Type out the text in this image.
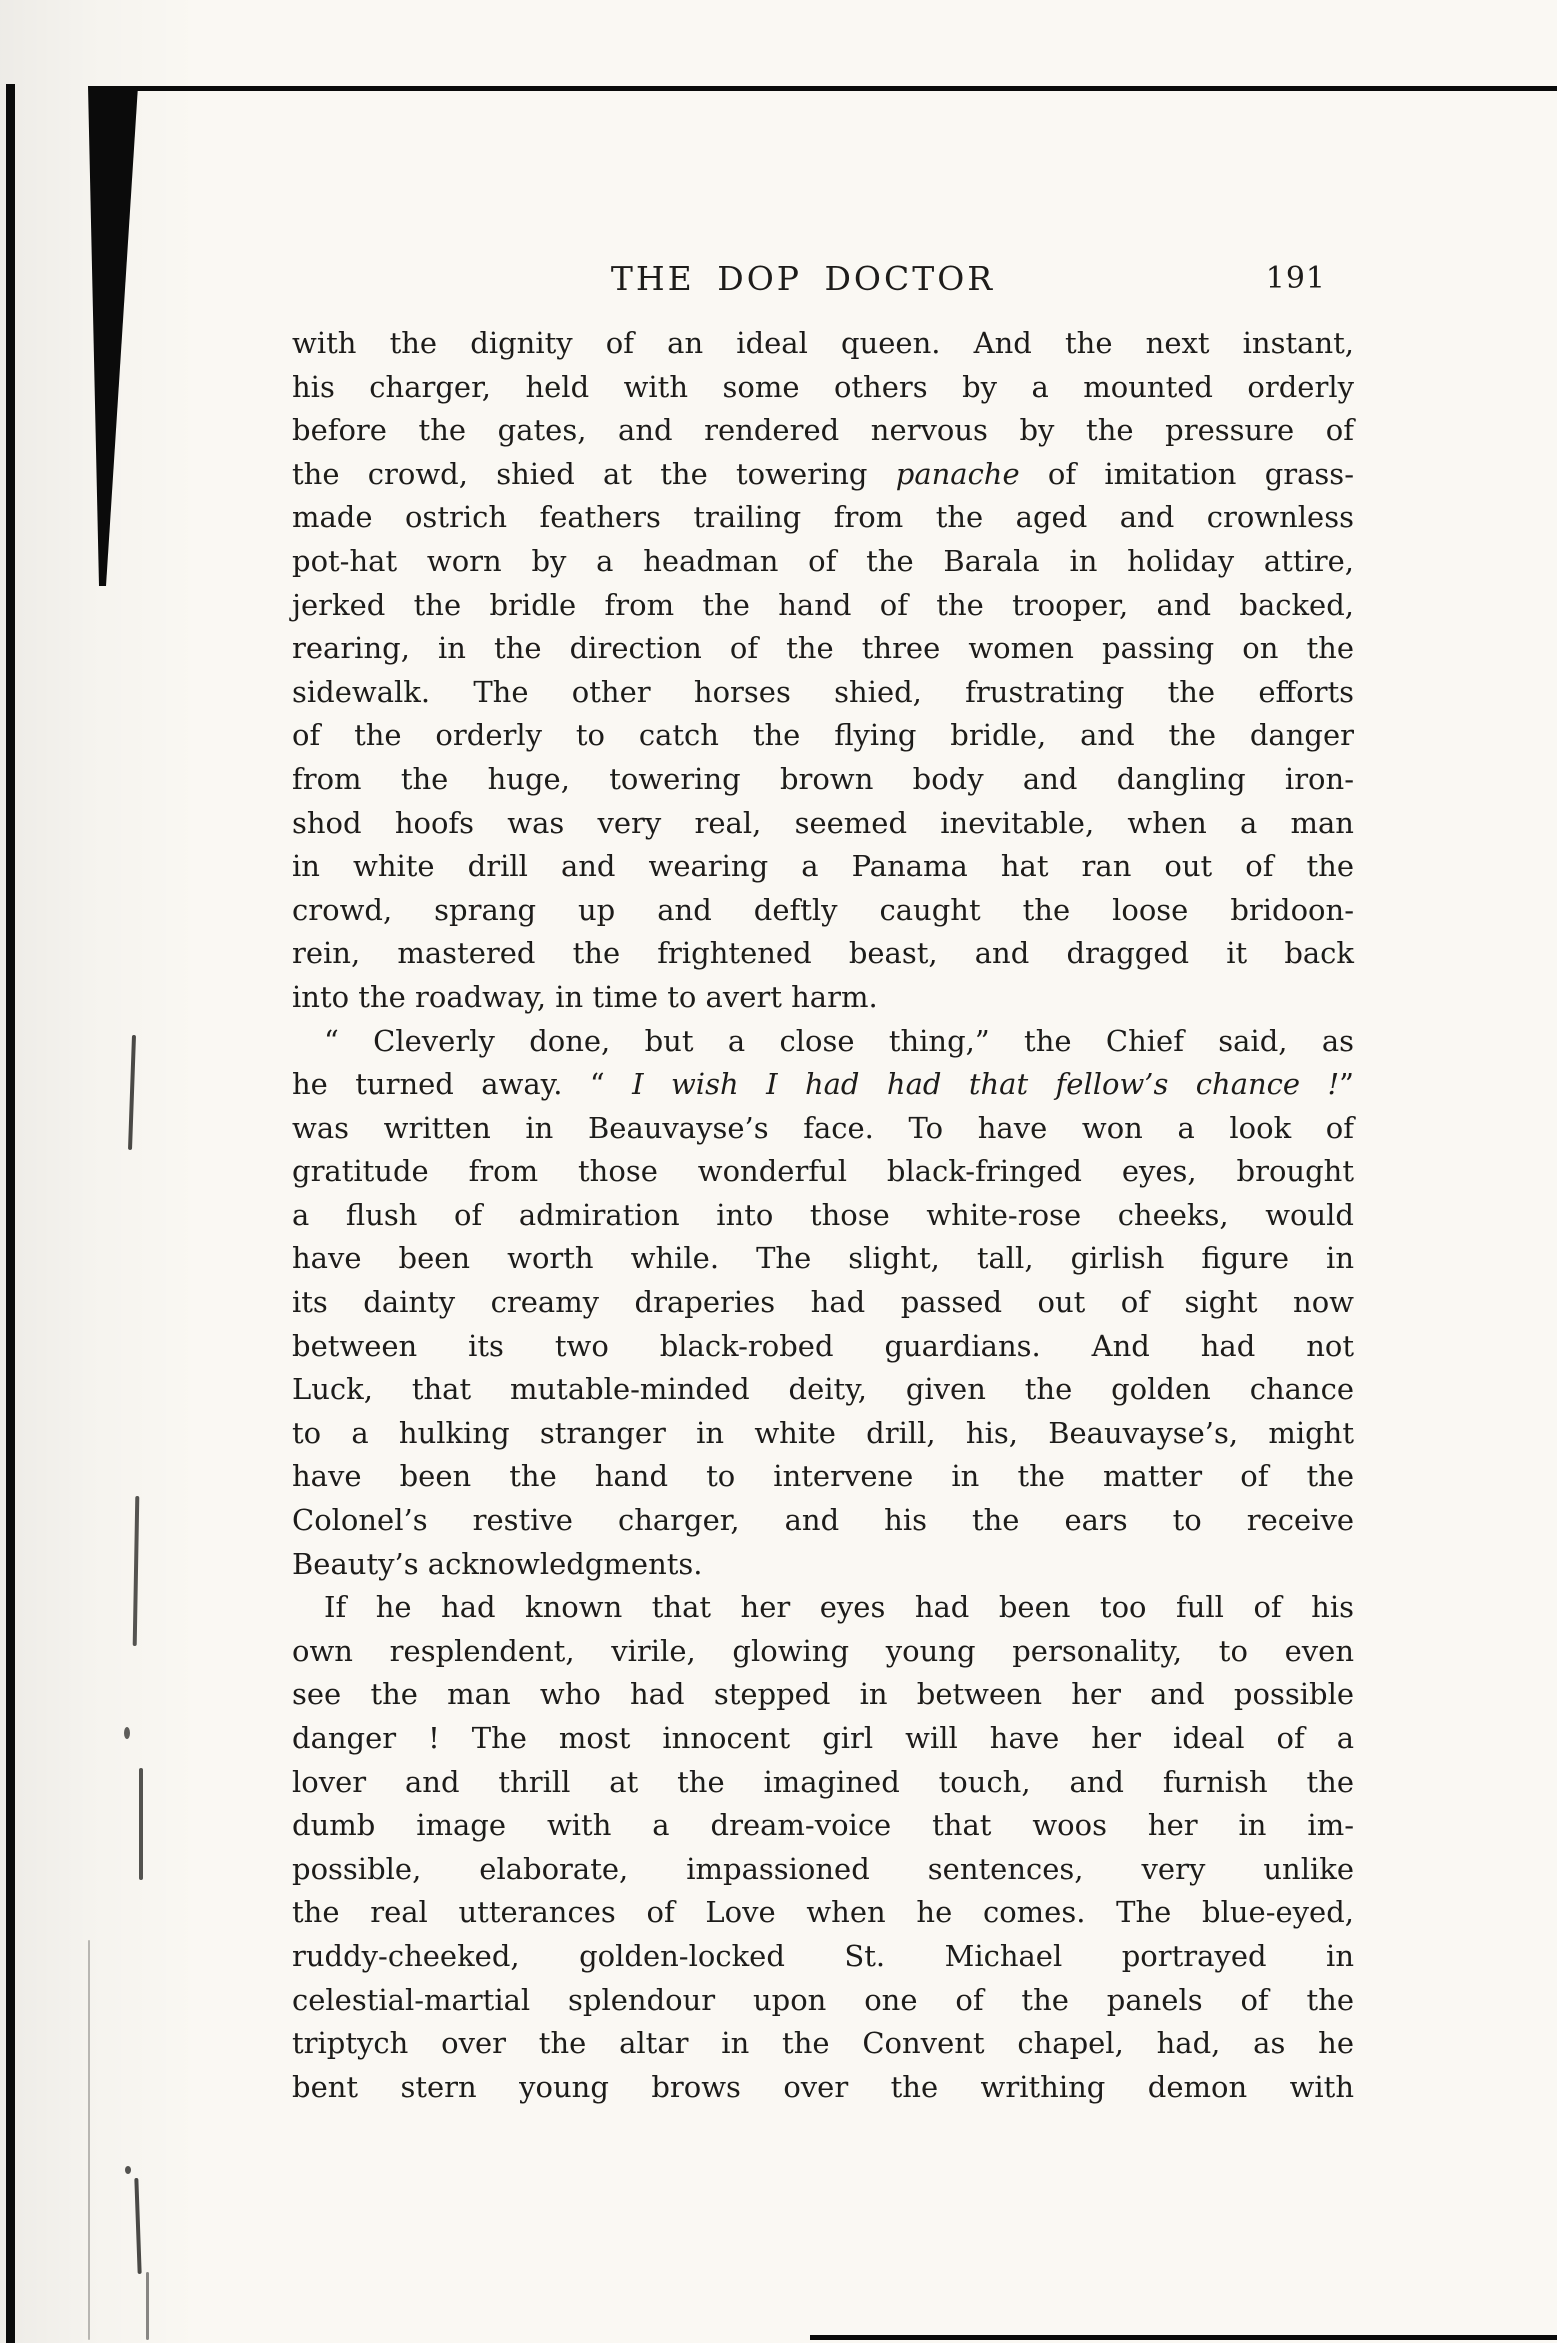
THE DOP DOCTOR	191
with the dignity of an ideal queen. And the next instant,
his charger, held with some others by a mounted orderly
before the gates, and rendered nervous by the pressure of
the crowd, shied at the towering panache of imitation grass-
made ostrich feathers trailing from the aged and crownless
pot-hat worn by a headman of the Barala in holiday attire,
jerked the bridle from the hand of the trooper, and backed,
rearing, in the direction of the three women passing on the
sidewalk. The other horses shied, frustrating the efforts
of the orderly to catch the flying bridle, and the danger
from the huge, towering brown body and dangling iron-
shod hoofs was very real, seemed inevitable, when a man
in white drill and wearing a Panama hat ran out of the
crowd, sprang up and deftly caught the loose bridoon-
rein, mastered the frightened beast, and dragged it back
into the roadway, in time to avert harm.
“ Cleverly done, but a close thing,” the Chief said, as
he turned away. “ I wish I had had that fellow’s chance !”
was written in Beauvayse’s face. To have won a look of
gratitude from those wonderful black-fringed eyes, brought
a flush of admiration into those white-rose cheeks, would
have been worth while. The slight, tall, girlish figure in
its dainty creamy draperies had passed out of sight now
between its two black-robed guardians. And had not
Luck, that mutable-minded deity, given the golden chance
to a hulking stranger in white drill, his, Beauvayse’s, might
have been the hand to intervene in the matter of the
Colonel’s restive charger, and his the ears to receive
Beauty’s acknowledgments.
If he had known that her eyes had been too full of his
own resplendent, virile, glowing young personality, to even
see the man who had stepped in between her and possible
danger ! The most innocent girl will have her ideal of a
lover and thrill at the imagined touch, and furnish the
dumb image with a dream-voice that woos her in im-
possible, elaborate, impassioned sentences, very unlike
the real utterances of Love when he comes. The blue-eyed,
ruddy-cheeked, golden-locked St. Michael portrayed in
celestial-martial splendour upon one of the panels of the
triptych over the altar in the Convent chapel, had, as he
bent stern young brows over the writhing demon with
